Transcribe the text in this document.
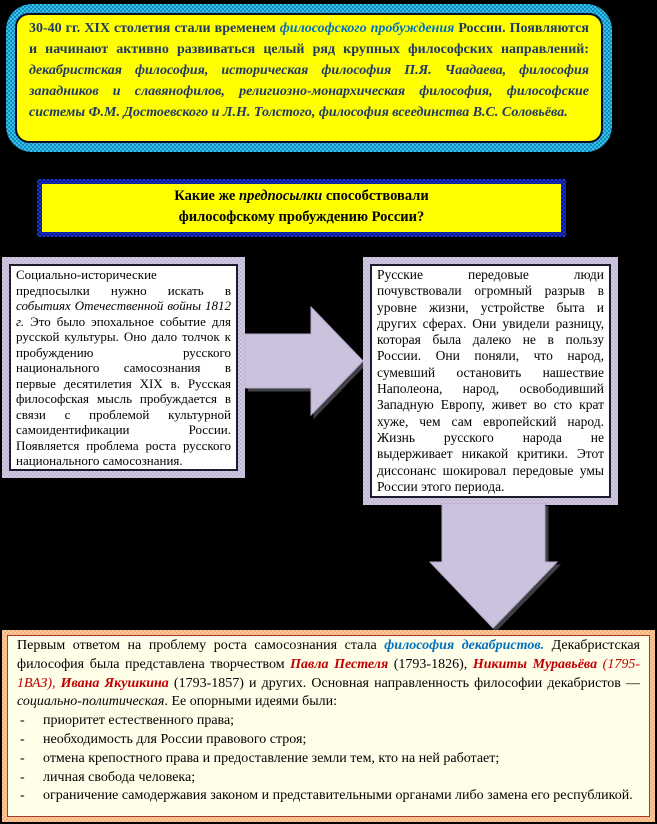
30-40 гг. XIX столетия стали временем философского пробуждения России. Появляются и начинают активно развиваться целый ряд крупных философских направлений: декабристская философия, историческая философия П.Я. Чаадаева, философия западников и славянофилов, религиозно-монархическая философия, философские системы Ф.М. Достоевского и Л.Н. Толстого, философия всеединства В.С. Соловьёва.

Какие же предпосылки способствовали

философскому пробуждению России?

Социально-исторические предпосылки нужно искать в событиях Отечественной войны 1812 г. Это было эпохальное событие для русской культуры. Оно дало толчок к пробуждению русского национального самосознания в первые десятилетия XIX в. Русская философская мысль пробуждается в связи с проблемой культурной самоидентификации России. Появляется проблема роста русского национального самосознания.

Русские передовые люди почувствовали огромный разрыв в уровне жизни, устройстве быта и других сферах. Они увидели разницу, которая была далеко не в пользу России. Они поняли, что народ, сумевший остановить нашествие Наполеона, народ, освободивший Западную Европу, живет во сто крат хуже, чем сам европейский народ. Жизнь русского народа не выдерживает никакой критики. Этот диссонанс шокировал передовые умы России этого периода.

Первым ответом на проблему роста самосознания стала философия декабристов. Декабристская философия была представлена творчеством Павла Пестеля (1793-1826), Никиты Муравьёва (1795-1ВАЗ), Ивана Якушкина (1793-1857) и других. Основная направленность философии декабристов — социально-политическая. Ее опорными идеями были:

-	приоритет естественного права;
-	необходимость для России правового строя;
-	отмена крепостного права и предоставление земли тем, кто на ней работает;
-	личная свобода человека;
-	ограничение самодержавия законом и представительными органами либо замена его республикой.
